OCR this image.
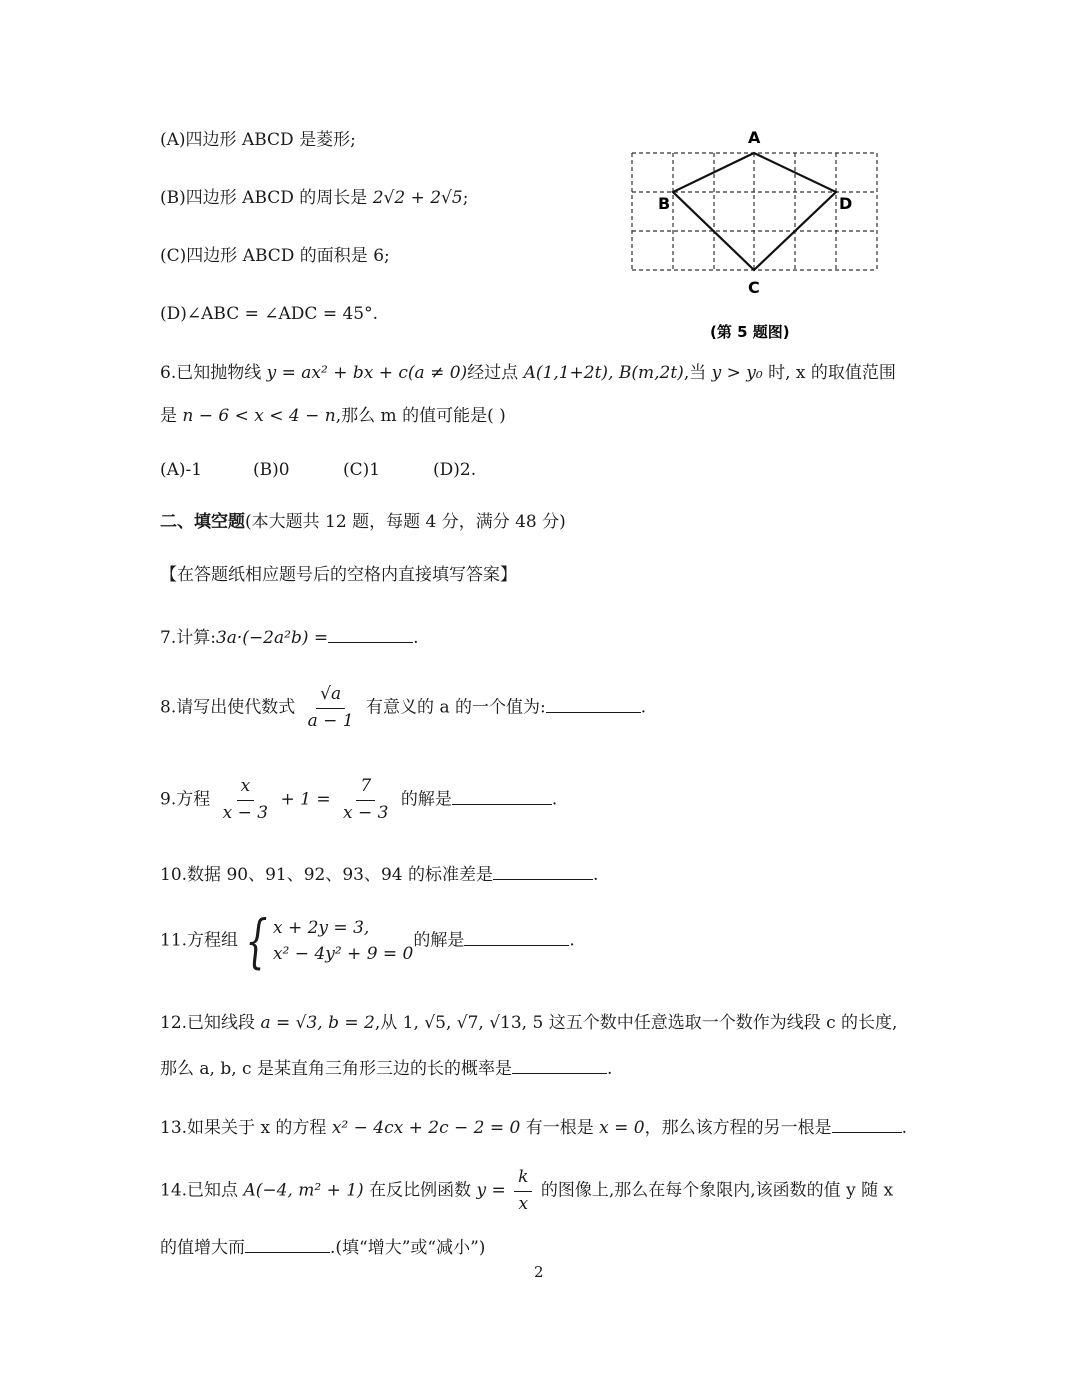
(A)四边形 ABCD 是菱形;
(B)四边形 ABCD 的周长是 2√2 + 2√5;
(C)四边形 ABCD 的面积是 6;
(D)∠ABC = ∠ADC = 45°.
A
B
C
D
(第 5 题图)
6.已知抛物线 y = ax² + bx + c(a ≠ 0)经过点 A(1,1+2t), B(m,2t),当 y > y₀ 时, x 的取值范围
是 n − 6 < x < 4 − n,那么 m 的值可能是( )
(A)-1	(B)0	(C)1	(D)2.
二、填空题(本大题共 12 题，每题 4 分，满分 48 分)
【在答题纸相应题号后的空格内直接填写答案】
7.计算:3a·(−2a²b) =	.
8.请写出使代数式 $\frac{√a}{a - 1}$ 有意义的 a 的一个值为:	.
9.方程 $\frac{x}{x - 3} + 1 = \frac{7}{x - 3}$ 的解是	.
10.数据 90、91、92、93、94 的标准差是	.
11.方程组 { x + 2y = 3,
x² − 4y² + 9 = 0
的解是	.
12.已知线段 a = √3, b = 2,从 1, √5, √7, √13, 5 这五个数中任意选取一个数作为线段 c 的长度,
那么 a, b, c 是某直角三角形三边的长的概率是	.
13.如果关于 x 的方程 x² − 4cx + 2c − 2 = 0 有一根是 x = 0，那么该方程的另一根是	.
14.已知点 A(−4, m² + 1) 在反比例函数 $y = \frac{k}{x}$ 的图像上,那么在每个象限内,该函数的值 y 随 x
的值增大而	.(填“增大”或“减小”)
2
